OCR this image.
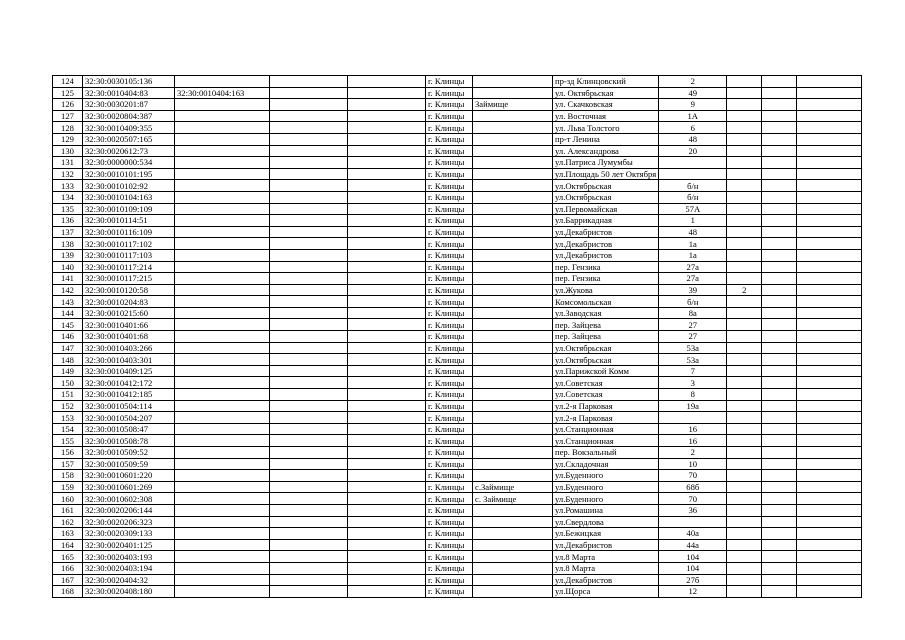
124	32:30:0030105:136				г. Клинцы		пр-зд Клинцовский	2			
125	32:30:0010404:83	32:30:0010404:163			г. Клинцы		ул. Октябрьская	49			
126	32:30:0030201:87				г. Клинцы	Займище	ул. Скачковская	9			
127	32:30:0020804:387				г. Клинцы		ул. Восточная	1А			
128	32:30:0010409:355				г. Клинцы		ул. Льва Толстого	6			
129	32:30:0020507:165				г. Клинцы		пр-т Ленина	48			
130	32:30:0020612:73				г. Клинцы		ул. Александрова	20			
131	32:30:0000000:534				г. Клинцы		ул.Патриса Лумумбы				
132	32:30:0010101:195				г. Клинцы		ул.Площадь 50 лет Октября				
133	32:30:0010102:92				г. Клинцы		ул.Октябрьская	б/н			
134	32:30:0010104:163				г. Клинцы		ул.Октябрьская	б/н			
135	32:30:0010109:109				г. Клинцы		ул.Первомайская	57А			
136	32:30:0010114:51				г. Клинцы		ул.Баррикадная	1			
137	32:30:0010116:109				г. Клинцы		ул.Декабристов	48			
138	32:30:0010117:102				г. Клинцы		ул.Декабристов	1а			
139	32:30:0010117:103				г. Клинцы		ул.Декабристов	1а			
140	32:30:0010117:214				г. Клинцы		пер. Гензика	27а			
141	32:30:0010117:215				г. Клинцы		пер. Гензика	27а			
142	32:30:0010120:58				г. Клинцы		ул.Жукова	39	2		
143	32:30:0010204:83				г. Клинцы		Комсомольская	б/н			
144	32:30:0010215:60				г. Клинцы		ул.Заводская	8а			
145	32:30:0010401:66				г. Клинцы		пер. Зайцева	27			
146	32:30:0010401:68				г. Клинцы		пер. Зайцева	27			
147	32:30:0010403:266				г. Клинцы		ул.Октябрьская	53а			
148	32:30:0010403:301				г. Клинцы		ул.Октябрьская	53а			
149	32:30:0010409:125				г. Клинцы		ул.Парижской Комм	7			
150	32:30:0010412:172				г. Клинцы		ул.Советская	3			
151	32:30:0010412:185				г. Клинцы		ул.Советская	8			
152	32:30:0010504:114				г. Клинцы		ул.2-я Парковая	19а			
153	32:30:0010504:207				г. Клинцы		ул.2-я Парковая				
154	32:30:0010508:47				г. Клинцы		ул.Станционная	16			
155	32:30:0010508:78				г. Клинцы		ул.Станционная	16			
156	32:30:0010509:52				г. Клинцы		пер. Вокзальный	2			
157	32:30:0010509:59				г. Клинцы		ул.Складочная	10			
158	32:30:0010601:220				г. Клинцы		ул.Буденного	70			
159	32:30:0010601:269				г. Клинцы	с.Займище	ул.Буденного	68б			
160	32:30:0010602:308				г. Клинцы	с. Займище	ул.Буденного	70			
161	32:30:0020206:144				г. Клинцы		ул.Ромашина	36			
162	32:30:0020206:323				г. Клинцы		ул.Свердлова				
163	32:30:0020309:133				г. Клинцы		ул.Бежицкая	40а			
164	32:30:0020401:125				г. Клинцы		ул.Декабристов	44а			
165	32:30:0020403:193				г. Клинцы		ул.8 Марта	104			
166	32:30:0020403:194				г. Клинцы		ул.8 Марта	104			
167	32:30:0020404:32				г. Клинцы		ул.Декабристов	27б			
168	32:30:0020408:180				г. Клинцы		ул.Щорса	12			
